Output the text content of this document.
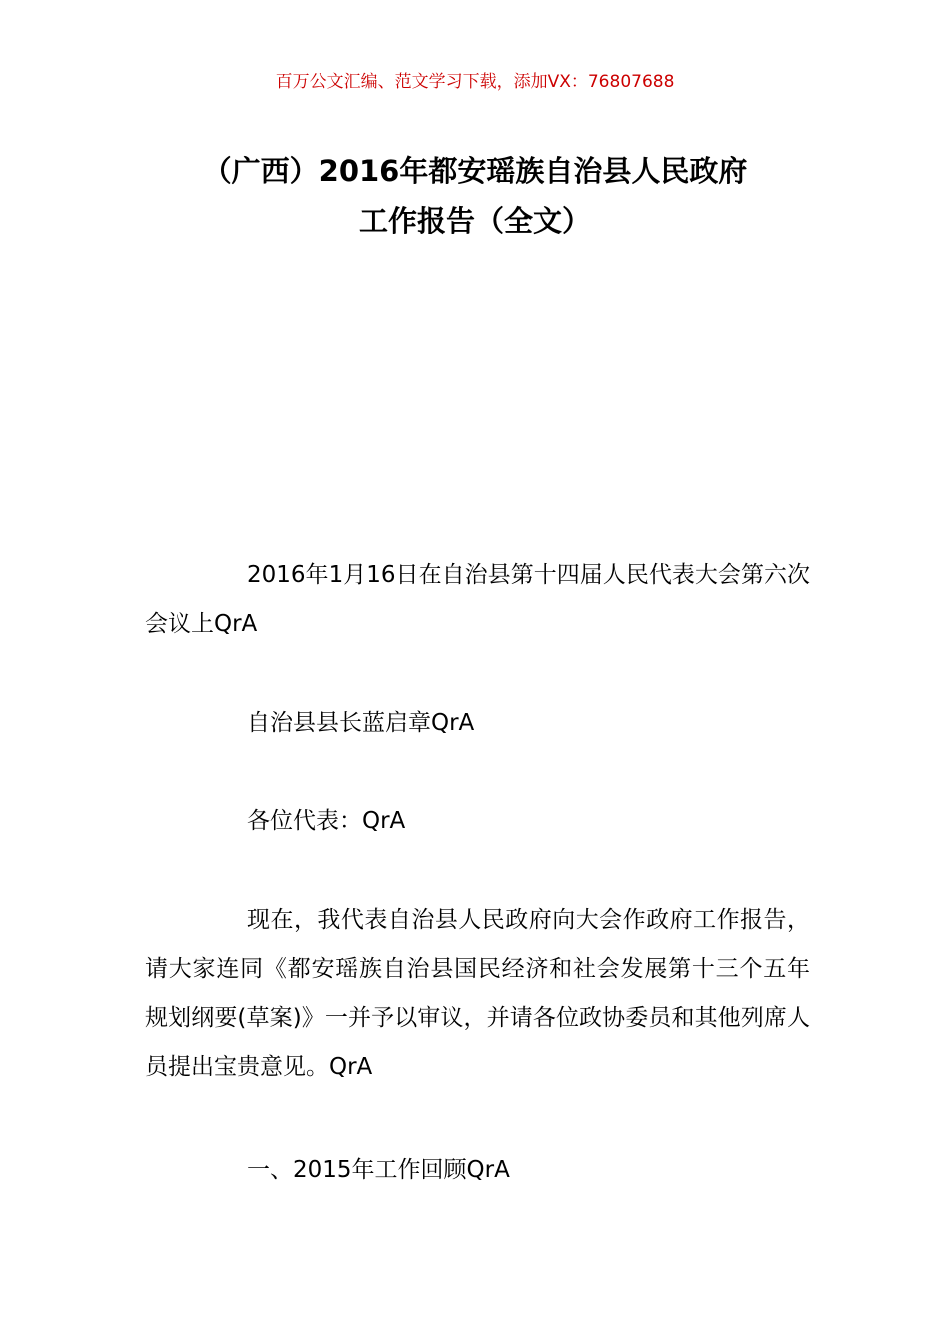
百万公文汇编、范文学习下载，添加VX：76807688
（广西）2016年都安瑶族自治县人民政府
工作报告（全文）

2016年1月16日在自治县第十四届人民代表大会第六次会议上QrA

自治县县长蓝启章QrA

各位代表：QrA

现在，我代表自治县人民政府向大会作政府工作报告，请大家连同《都安瑶族自治县国民经济和社会发展第十三个五年规划纲要(草案)》一并予以审议，并请各位政协委员和其他列席人员提出宝贵意见。QrA

一、2015年工作回顾QrA
